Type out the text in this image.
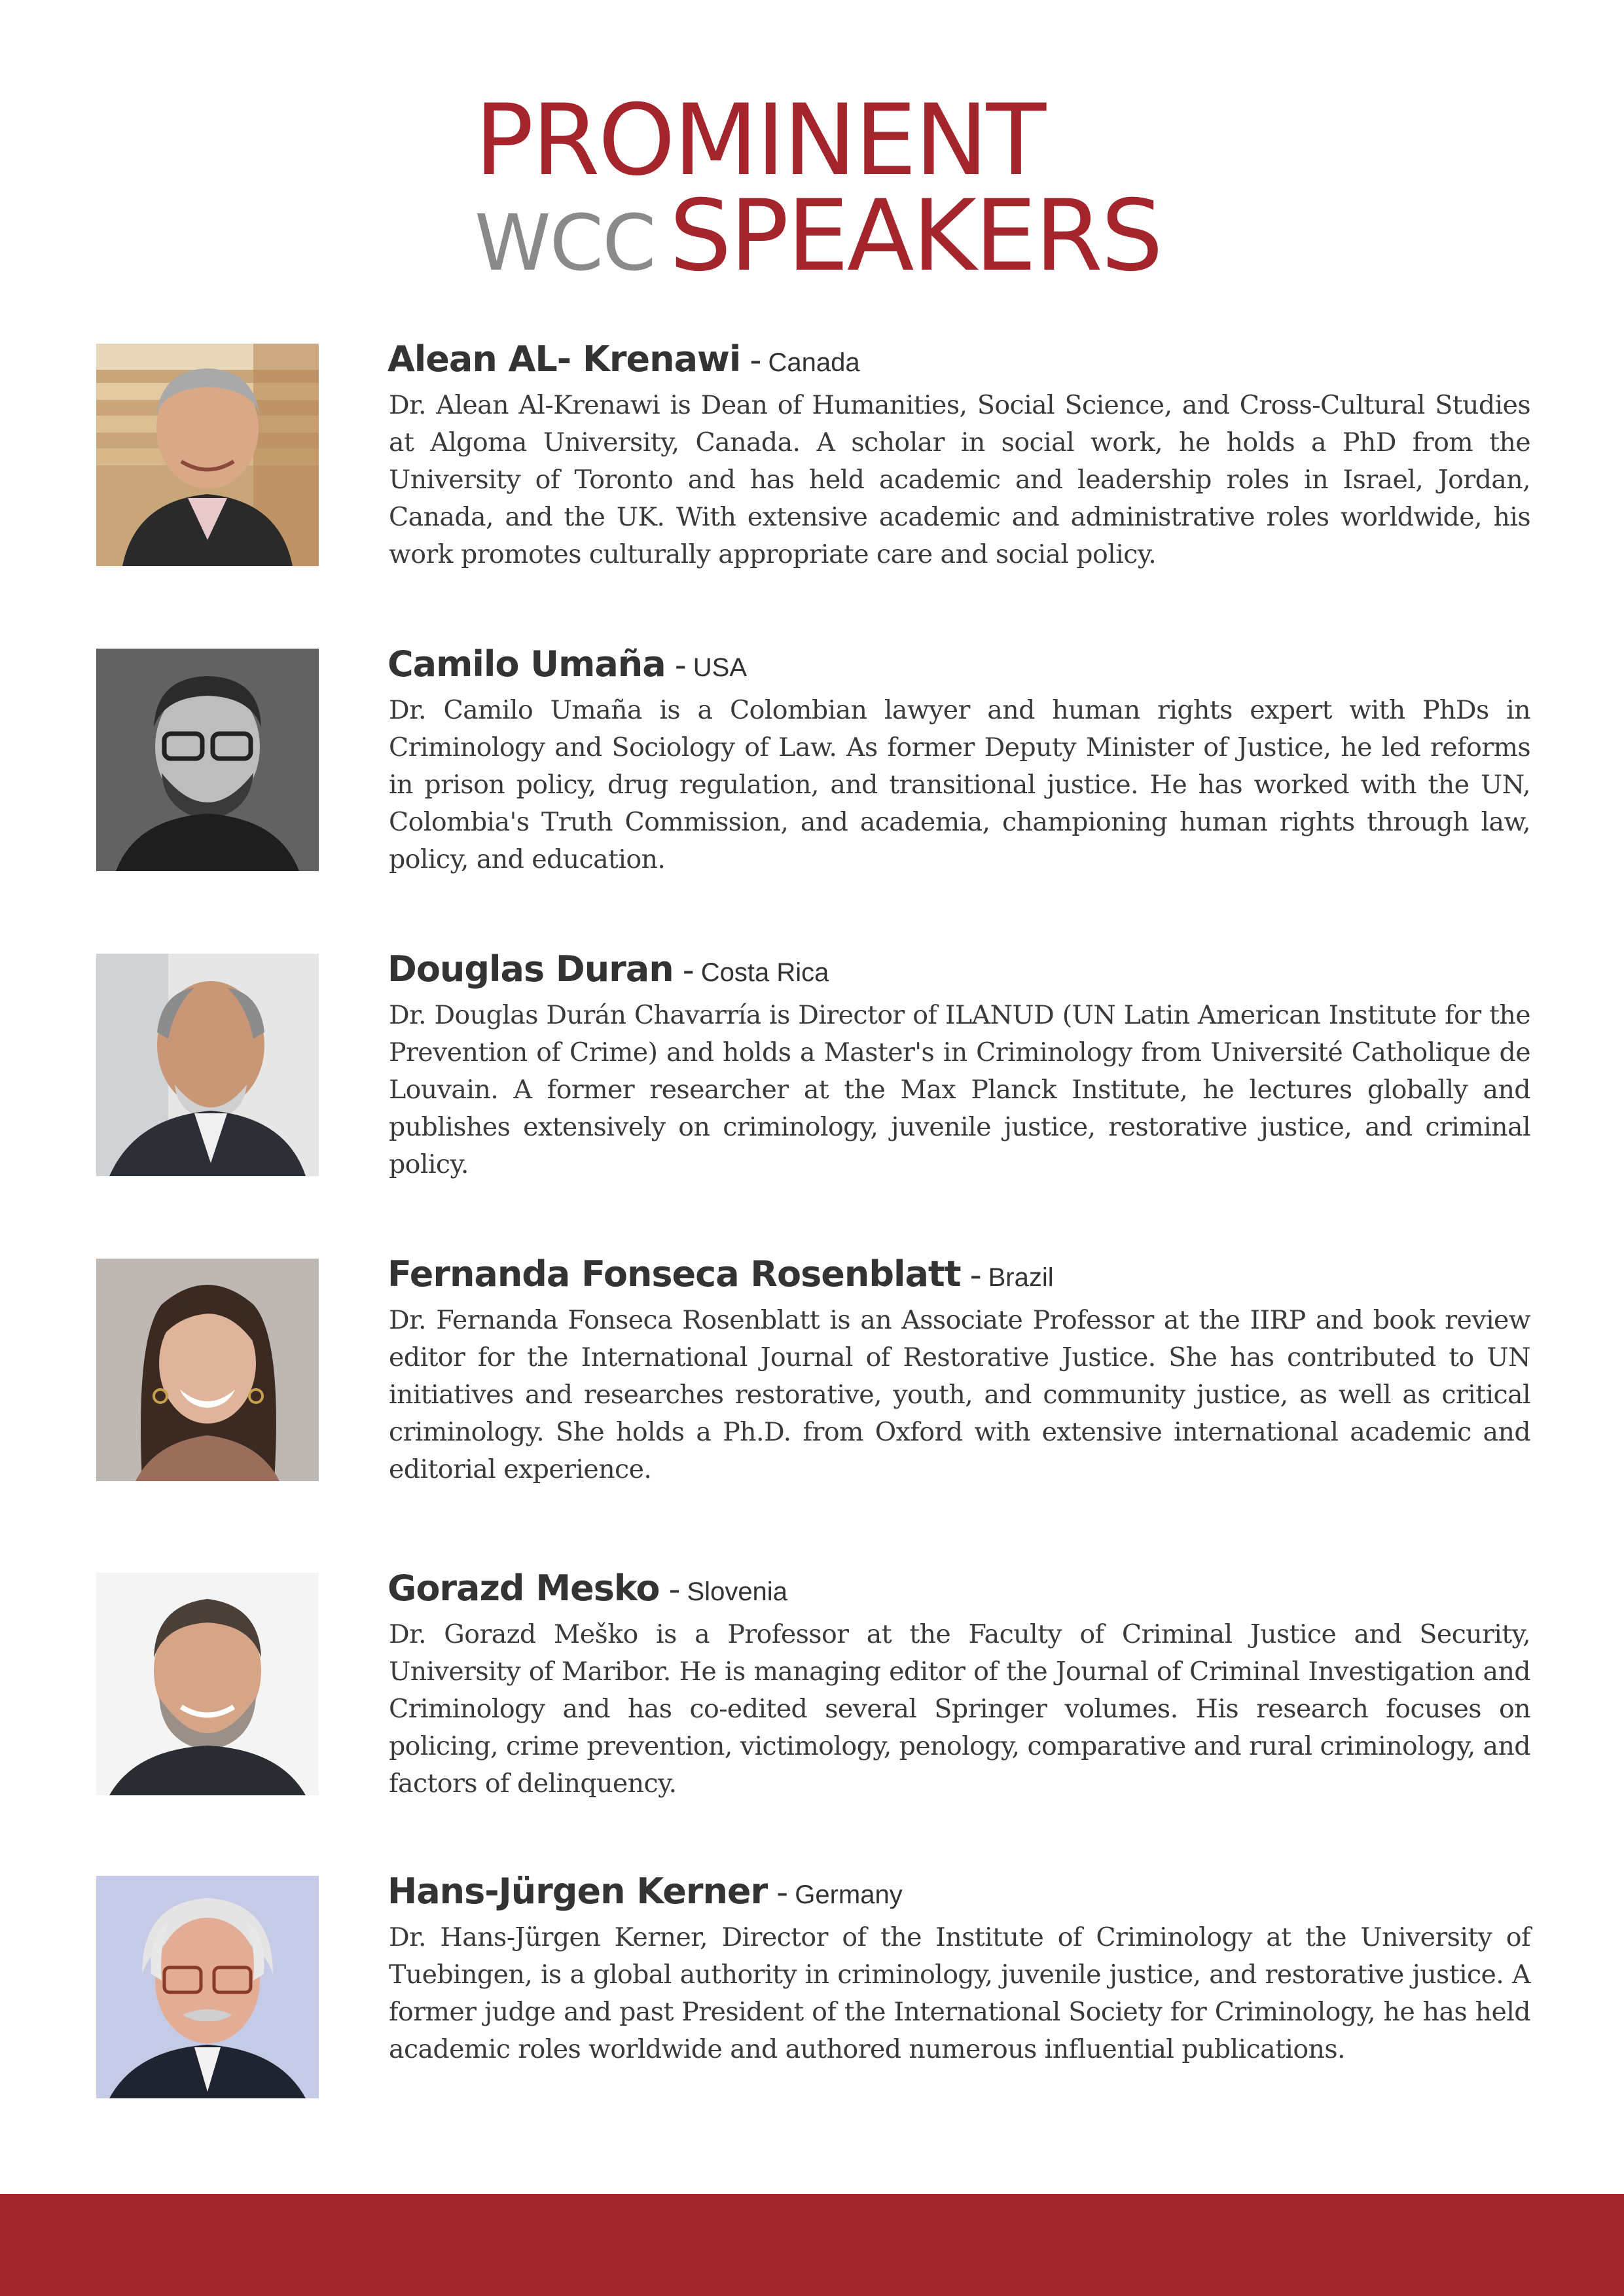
PROMINENT
WCC SPEAKERS
Alean AL- Krenawi - Canada

Dr. Alean Al-Krenawi is Dean of Humanities, Social Science, and Cross-Cultural Studies at Algoma University, Canada. A scholar in social work, he holds a PhD from the University of Toronto and has held academic and leadership roles in Israel, Jordan, Canada, and the UK. With extensive academic and administrative roles worldwide, his work promotes culturally appropriate care and social policy.

Camilo Umaña - USA

Dr. Camilo Umaña is a Colombian lawyer and human rights expert with PhDs in Criminology and Sociology of Law. As former Deputy Minister of Justice, he led reforms in prison policy, drug regulation, and transitional justice. He has worked with the UN, Colombia's Truth Commission, and academia, championing human rights through law, policy, and education.

Douglas Duran - Costa Rica

Dr. Douglas Durán Chavarría is Director of ILANUD (UN Latin American Institute for the Prevention of Crime) and holds a Master's in Criminology from Université Catholique de Louvain. A former researcher at the Max Planck Institute, he lectures globally and publishes extensively on criminology, juvenile justice, restorative justice, and criminal policy.

Fernanda Fonseca Rosenblatt - Brazil

Dr. Fernanda Fonseca Rosenblatt is an Associate Professor at the IIRP and book review editor for the International Journal of Restorative Justice. She has contributed to UN initiatives and researches restorative, youth, and community justice, as well as critical criminology. She holds a Ph.D. from Oxford with extensive international academic and editorial experience.

Gorazd Mesko - Slovenia

Dr. Gorazd Meško is a Professor at the Faculty of Criminal Justice and Security, University of Maribor. He is managing editor of the Journal of Criminal Investigation and Criminology and has co-edited several Springer volumes. His research focuses on policing, crime prevention, victimology, penology, comparative and rural criminology, and factors of delinquency.

Hans-Jürgen Kerner - Germany

Dr. Hans-Jürgen Kerner, Director of the Institute of Criminology at the University of Tuebingen, is a global authority in criminology, juvenile justice, and restorative justice. A former judge and past President of the International Society for Criminology, he has held academic roles worldwide and authored numerous influential publications.
